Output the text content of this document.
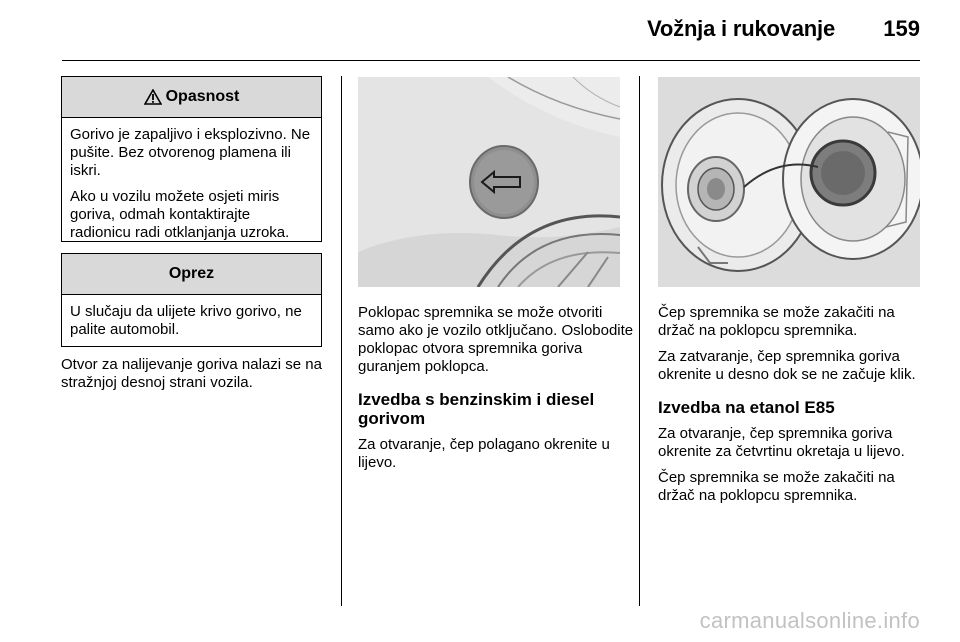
Vožnja i rukovanje 159
Opasnost

Gorivo je zapaljivo i eksplozivno. Ne pušite. Bez otvorenog plamena ili iskri.

Ako u vozilu možete osjeti miris goriva, odmah kontaktirajte radionicu radi otklanjanja uzroka.

Oprez

U slučaju da ulijete krivo gorivo, ne palite automobil.

Otvor za nalijevanje goriva nalazi se na stražnjoj desnoj strani vozila.

Poklopac spremnika se može otvoriti samo ako je vozilo otključano. Oslobodite poklopac otvora spremnika goriva guranjem poklopca.

Izvedba s benzinskim i diesel gorivom

Za otvaranje, čep polagano okrenite u lijevo.

Čep spremnika se može zakačiti na držač na poklopcu spremnika.

Za zatvaranje, čep spremnika goriva okrenite u desno dok se ne začuje klik.

Izvedba na etanol E85

Za otvaranje, čep spremnika goriva okrenite za četvrtinu okretaja u lijevo.

Čep spremnika se može zakačiti na držač na poklopcu spremnika.

carmanualsonline.info
